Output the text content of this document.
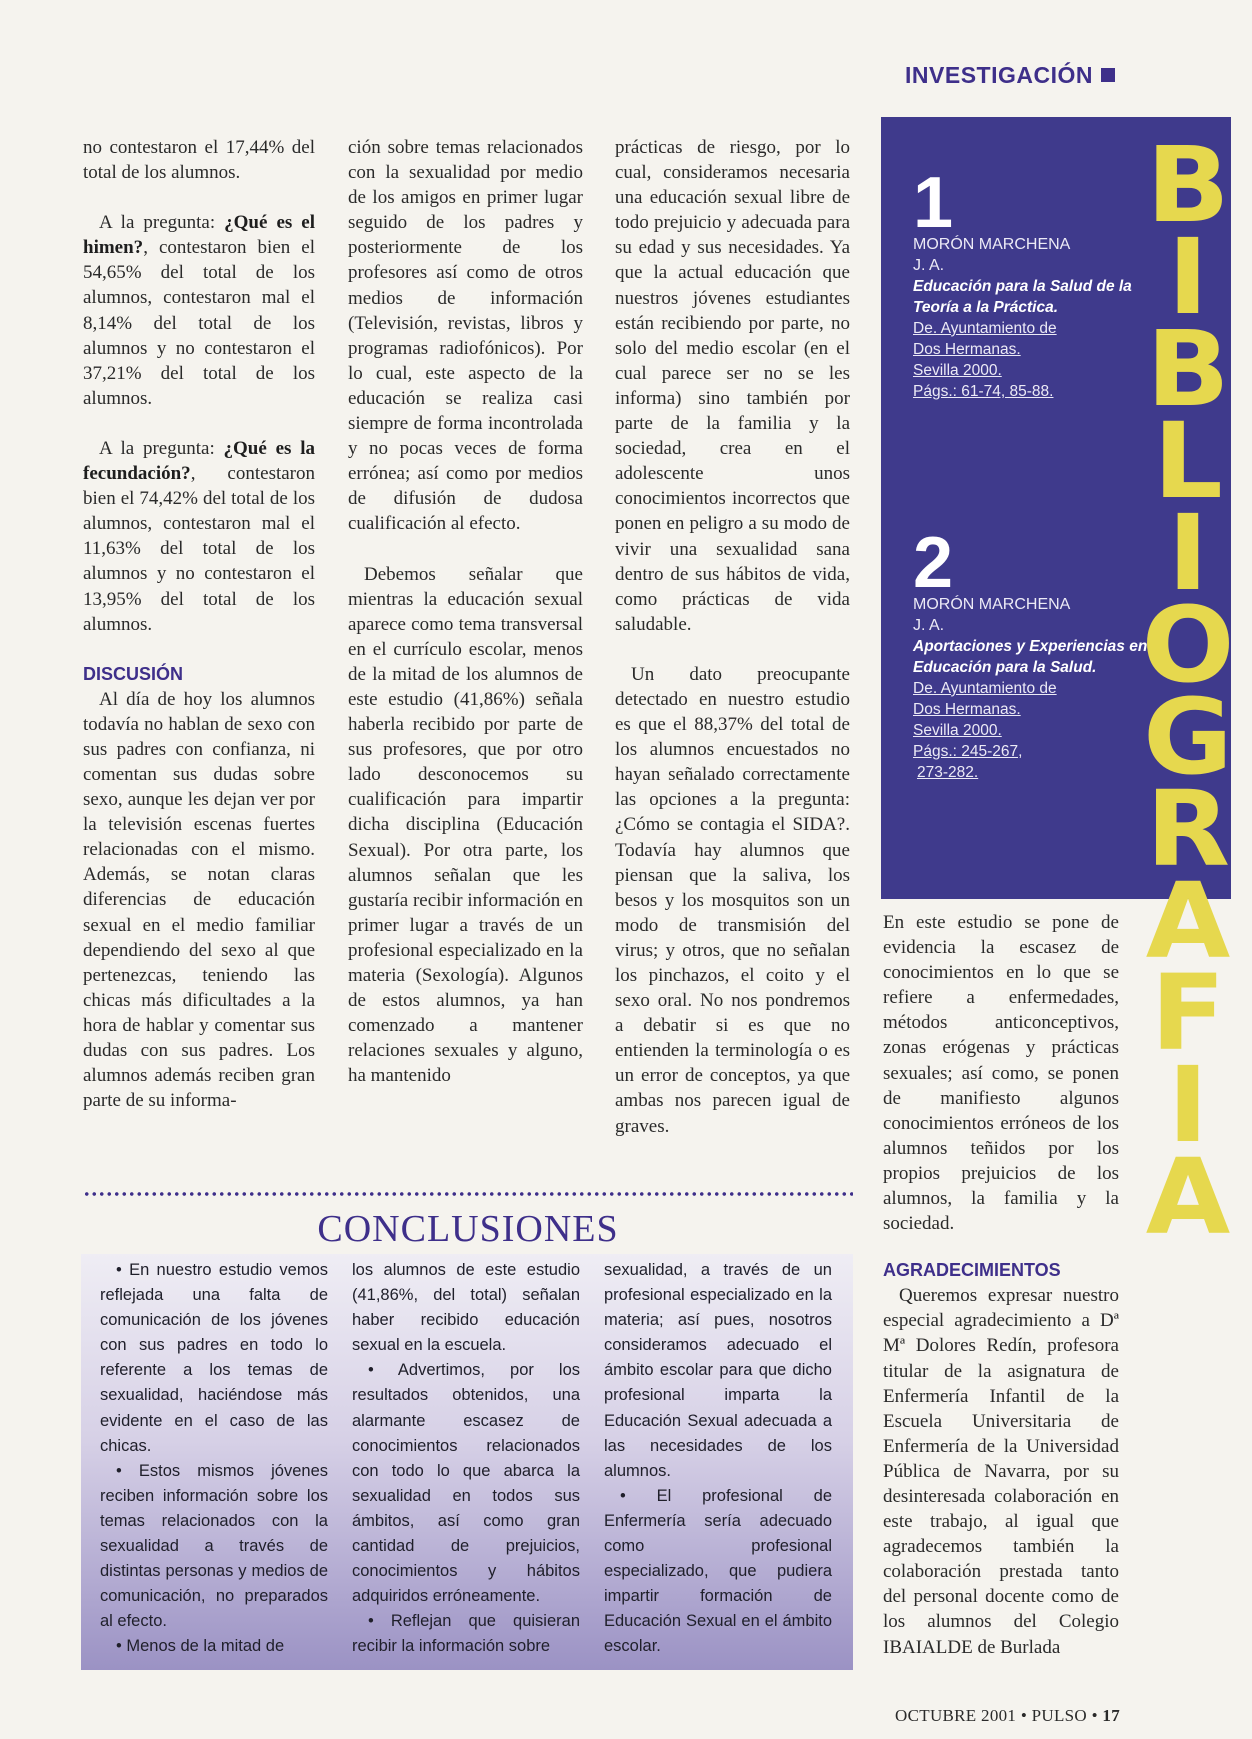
INVESTIGACIÓN

no contestaron el 17,44% del total de los alumnos.

A la pregunta: ¿Qué es el himen?, contestaron bien el 54,65% del total de los alumnos, contestaron mal el 8,14% del total de los alumnos y no contestaron el 37,21% del total de los alumnos.

A la pregunta: ¿Qué es la fecundación?, contestaron bien el 74,42% del total de los alumnos, contestaron mal el 11,63% del total de los alumnos y no contestaron el 13,95% del total de los alumnos.

DISCUSIÓN

Al día de hoy los alumnos todavía no hablan de sexo con sus padres con confianza, ni comentan sus dudas sobre sexo, aunque les dejan ver por la televisión escenas fuertes relacionadas con el mismo. Además, se notan claras diferencias de educación sexual en el medio familiar dependiendo del sexo al que pertenezcas, teniendo las chicas más dificultades a la hora de hablar y comentar sus dudas con sus padres. Los alumnos además reciben gran parte de su informa-

ción sobre temas relacionados con la sexualidad por medio de los amigos en primer lugar seguido de los padres y posteriormente de los profesores así como de otros medios de información (Televisión, revistas, libros y programas radiofónicos). Por lo cual, este aspecto de la educación se realiza casi siempre de forma incontrolada y no pocas veces de forma errónea; así como por medios de difusión de dudosa cualificación al efecto.

Debemos señalar que mientras la educación sexual aparece como tema transversal en el currículo escolar, menos de la mitad de los alumnos de este estudio (41,86%) señala haberla recibido por parte de sus profesores, que por otro lado desconocemos su cualificación para impartir dicha disciplina (Educación Sexual). Por otra parte, los alumnos señalan que les gustaría recibir información en primer lugar a través de un profesional especializado en la materia (Sexología). Algunos de estos alumnos, ya han comenzado a mantener relaciones sexuales y alguno, ha mantenido

prácticas de riesgo, por lo cual, consideramos necesaria una educación sexual libre de todo prejuicio y adecuada para su edad y sus necesidades. Ya que la actual educación que nuestros jóvenes estudiantes están recibiendo por parte, no solo del medio escolar (en el cual parece ser no se les informa) sino también por parte de la familia y la sociedad, crea en el adolescente unos conocimientos incorrectos que ponen en peligro a su modo de vivir una sexualidad sana dentro de sus hábitos de vida, como prácticas de vida saludable.

Un dato preocupante detectado en nuestro estudio es que el 88,37% del total de los alumnos encuestados no hayan señalado correctamente las opciones a la pregunta: ¿Cómo se contagia el SIDA?. Todavía hay alumnos que piensan que la saliva, los besos y los mosquitos son un modo de transmisión del virus; y otros, que no señalan los pinchazos, el coito y el sexo oral. No nos pondremos a debatir si es que no entienden la terminología o es un error de conceptos, ya que ambas nos parecen igual de graves.	BIBLIOGRAFIA
1
MORÓN MARCHENA
J. A.
Educación para la Salud de la Teoría a la Práctica.
De. Ayuntamiento de
Dos Hermanas.
Sevilla 2000.
Págs.: 61-74, 85-88.
2
MORÓN MARCHENA
J. A.
Aportaciones y Experiencias en Educación para la Salud.
De. Ayuntamiento de
Dos Hermanas.
Sevilla 2000.
Págs.: 245-267,
273-282.

En este estudio se pone de evidencia la escasez de conocimientos en lo que se refiere a enfermedades, métodos anticonceptivos, zonas erógenas y prácticas sexuales; así como, se ponen de manifiesto algunos conocimientos erróneos de los alumnos teñidos por los propios prejuicios de los alumnos, la familia y la sociedad.

AGRADECIMIENTOS

Queremos expresar nuestro especial agradecimiento a Dª Mª Dolores Redín, profesora titular de la asignatura de Enfermería Infantil de la Escuela Universitaria de Enfermería de la Universidad Pública de Navarra, por su desinteresada colaboración en este trabajo, al igual que agradecemos también la colaboración prestada tanto del personal docente como de los alumnos del Colegio IBAIALDE de Burlada

CONCLUSIONES

• En nuestro estudio vemos reflejada una falta de comunicación de los jóvenes con sus padres en todo lo referente a los temas de sexualidad, haciéndose más evidente en el caso de las chicas.

• Estos mismos jóvenes reciben información sobre los temas relacionados con la sexualidad a través de distintas personas y medios de comunicación, no preparados al efecto.

• Menos de la mitad de

los alumnos de este estudio (41,86%, del total) señalan haber recibido educación sexual en la escuela.

• Advertimos, por los resultados obtenidos, una alarmante escasez de conocimientos relacionados con todo lo que abarca la sexualidad en todos sus ámbitos, así como gran cantidad de prejuicios, conocimientos y hábitos adquiridos erróneamente.

• Reflejan que quisieran recibir la información sobre

sexualidad, a través de un profesional especializado en la materia; así pues, nosotros consideramos adecuado el ámbito escolar para que dicho profesional imparta la Educación Sexual adecuada a las necesidades de los alumnos.

• El profesional de Enfermería sería adecuado como profesional especializado, que pudiera impartir formación de Educación Sexual en el ámbito escolar.

OCTUBRE 2001 • PULSO • 17
